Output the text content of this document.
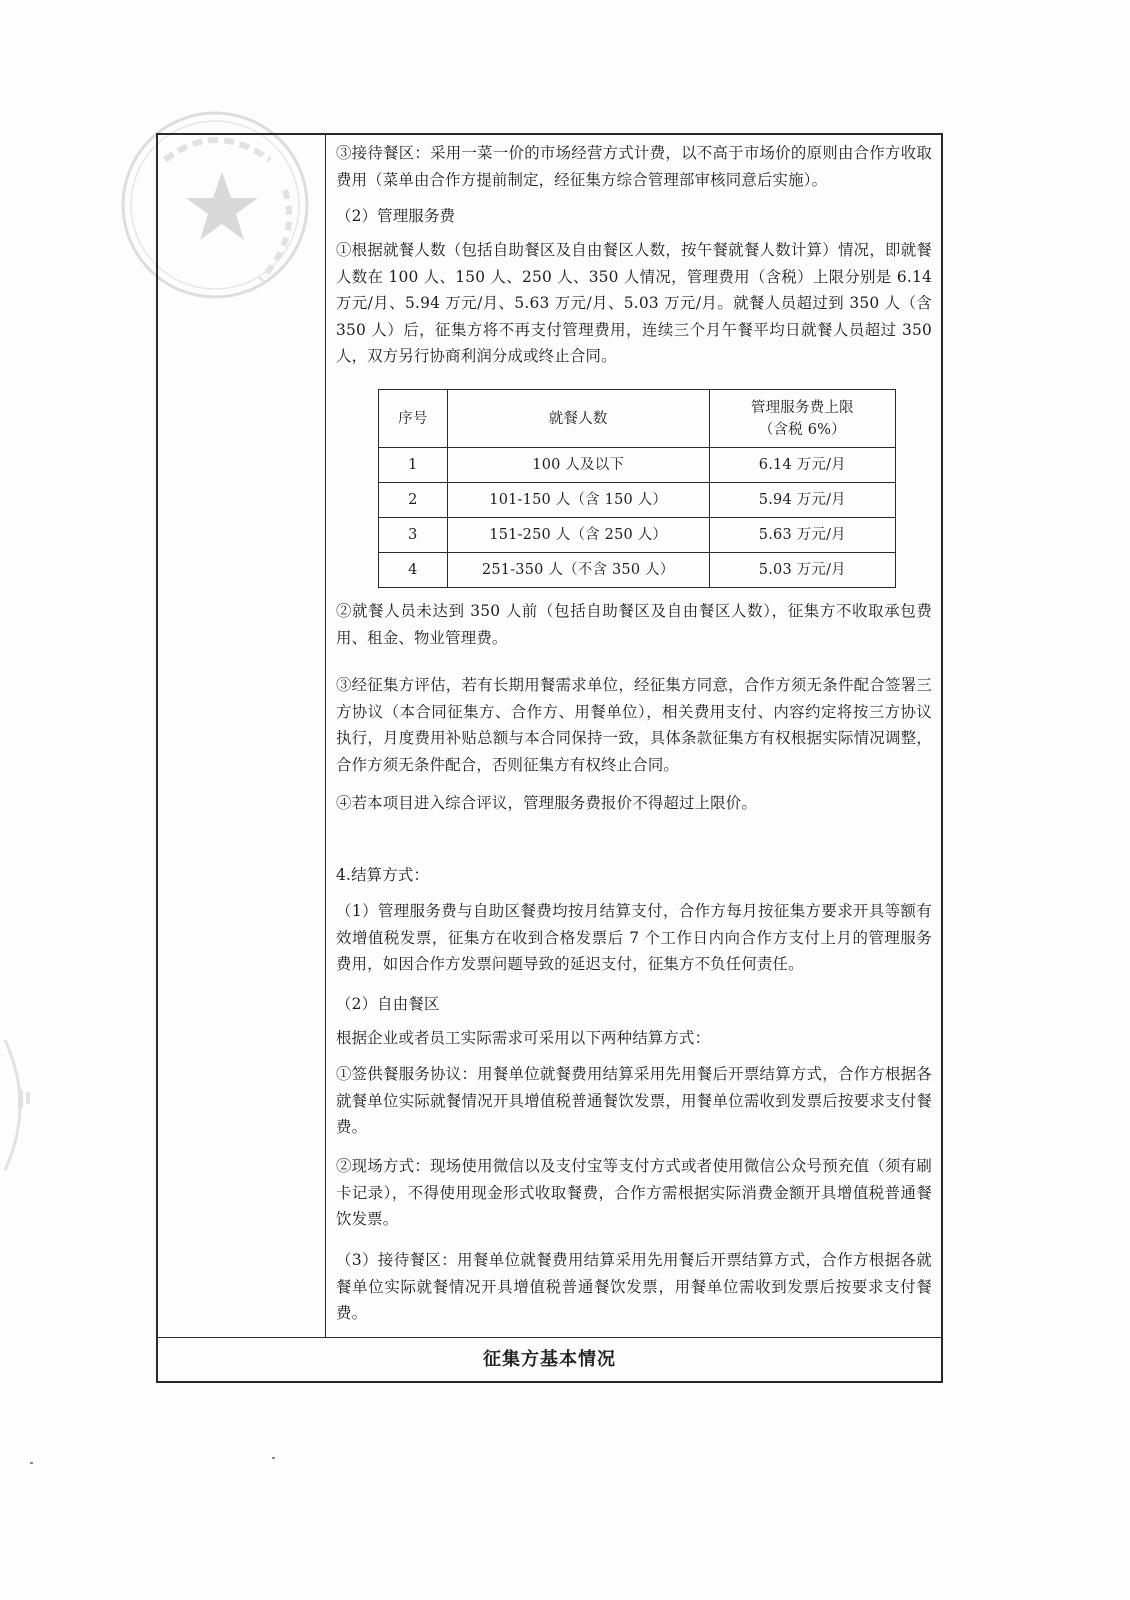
③接待餐区：采用一菜一价的市场经营方式计费，以不高于市场价的原则由合作方收取费用（菜单由合作方提前制定，经征集方综合管理部审核同意后实施）。

（2）管理服务费

①根据就餐人数（包括自助餐区及自由餐区人数，按午餐就餐人数计算）情况，即就餐人数在 100 人、150 人、250 人、350 人情况，管理费用（含税）上限分别是 6.14 万元/月、5.94 万元/月、5.63 万元/月、5.03 万元/月。就餐人员超过到 350 人（含 350 人）后，征集方将不再支付管理费用，连续三个月午餐平均日就餐人员超过 350 人，双方另行协商利润分成或终止合同。

序号	就餐人数	管理服务费上限
（含税 6%）

1	100 人及以下	6.14 万元/月
2	101-150 人（含 150 人）	5.94 万元/月
3	151-250 人（含 250 人）	5.63 万元/月
4	251-350 人（不含 350 人）	5.03 万元/月

②就餐人员未达到 350 人前（包括自助餐区及自由餐区人数），征集方不收取承包费用、租金、物业管理费。

③经征集方评估，若有长期用餐需求单位，经征集方同意，合作方须无条件配合签署三方协议（本合同征集方、合作方、用餐单位），相关费用支付、内容约定将按三方协议执行，月度费用补贴总额与本合同保持一致，具体条款征集方有权根据实际情况调整，合作方须无条件配合，否则征集方有权终止合同。

④若本项目进入综合评议，管理服务费报价不得超过上限价。

4.结算方式：

（1）管理服务费与自助区餐费均按月结算支付，合作方每月按征集方要求开具等额有效增值税发票，征集方在收到合格发票后 7 个工作日内向合作方支付上月的管理服务费用，如因合作方发票问题导致的延迟支付，征集方不负任何责任。

（2）自由餐区

根据企业或者员工实际需求可采用以下两种结算方式：

①签供餐服务协议：用餐单位就餐费用结算采用先用餐后开票结算方式，合作方根据各就餐单位实际就餐情况开具增值税普通餐饮发票，用餐单位需收到发票后按要求支付餐费。

②现场方式：现场使用微信以及支付宝等支付方式或者使用微信公众号预充值（须有刷卡记录），不得使用现金形式收取餐费，合作方需根据实际消费金额开具增值税普通餐饮发票。

（3）接待餐区：用餐单位就餐费用结算采用先用餐后开票结算方式，合作方根据各就餐单位实际就餐情况开具增值税普通餐饮发票，用餐单位需收到发票后按要求支付餐费。

征集方基本情况
